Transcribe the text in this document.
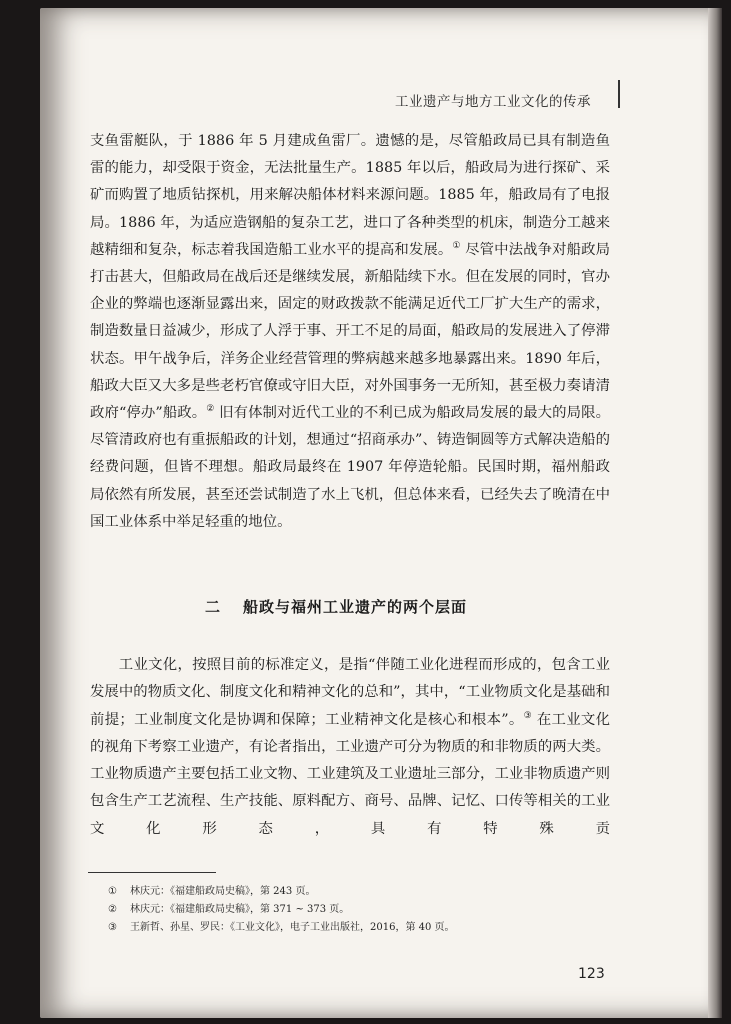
工业遗产与地方工业文化的传承

支鱼雷艇队，于 1886 年 5 月建成鱼雷厂。遗憾的是，尽管船政局已具有制造鱼雷的能力，却受限于资金，无法批量生产。1885 年以后，船政局为进行探矿、采矿而购置了地质钻探机，用来解决船体材料来源问题。1885 年，船政局有了电报局。1886 年，为适应造钢船的复杂工艺，进口了各种类型的机床，制造分工越来越精细和复杂，标志着我国造船工业水平的提高和发展。① 尽管中法战争对船政局打击甚大，但船政局在战后还是继续发展，新船陆续下水。但在发展的同时，官办企业的弊端也逐渐显露出来，固定的财政拨款不能满足近代工厂扩大生产的需求，制造数量日益减少，形成了人浮于事、开工不足的局面，船政局的发展进入了停滞状态。甲午战争后，洋务企业经营管理的弊病越来越多地暴露出来。1890 年后，船政大臣又大多是些老朽官僚或守旧大臣，对外国事务一无所知，甚至极力奏请清政府“停办”船政。② 旧有体制对近代工业的不利已成为船政局发展的最大的局限。尽管清政府也有重振船政的计划，想通过“招商承办”、铸造铜圆等方式解决造船的经费问题，但皆不理想。船政局最终在 1907 年停造轮船。民国时期，福州船政局依然有所发展，甚至还尝试制造了水上飞机，但总体来看，已经失去了晚清在中国工业体系中举足轻重的地位。

二 船政与福州工业遗产的两个层面

工业文化，按照目前的标准定义，是指“伴随工业化进程而形成的，包含工业发展中的物质文化、制度文化和精神文化的总和”，其中，“工业物质文化是基础和前提；工业制度文化是协调和保障；工业精神文化是核心和根本”。③ 在工业文化的视角下考察工业遗产，有论者指出，工业遗产可分为物质的和非物质的两大类。工业物质遗产主要包括工业文物、工业建筑及工业遗址三部分，工业非物质遗产则包含生产工艺流程、生产技能、原料配方、商号、品牌、记忆、口传等相关的工业文化形态，具有特殊贡

① 林庆元：《福建船政局史稿》，第 243 页。
② 林庆元：《福建船政局史稿》，第 371 ~ 373 页。
③ 王新哲、孙星、罗民：《工业文化》，电子工业出版社，2016，第 40 页。
123
